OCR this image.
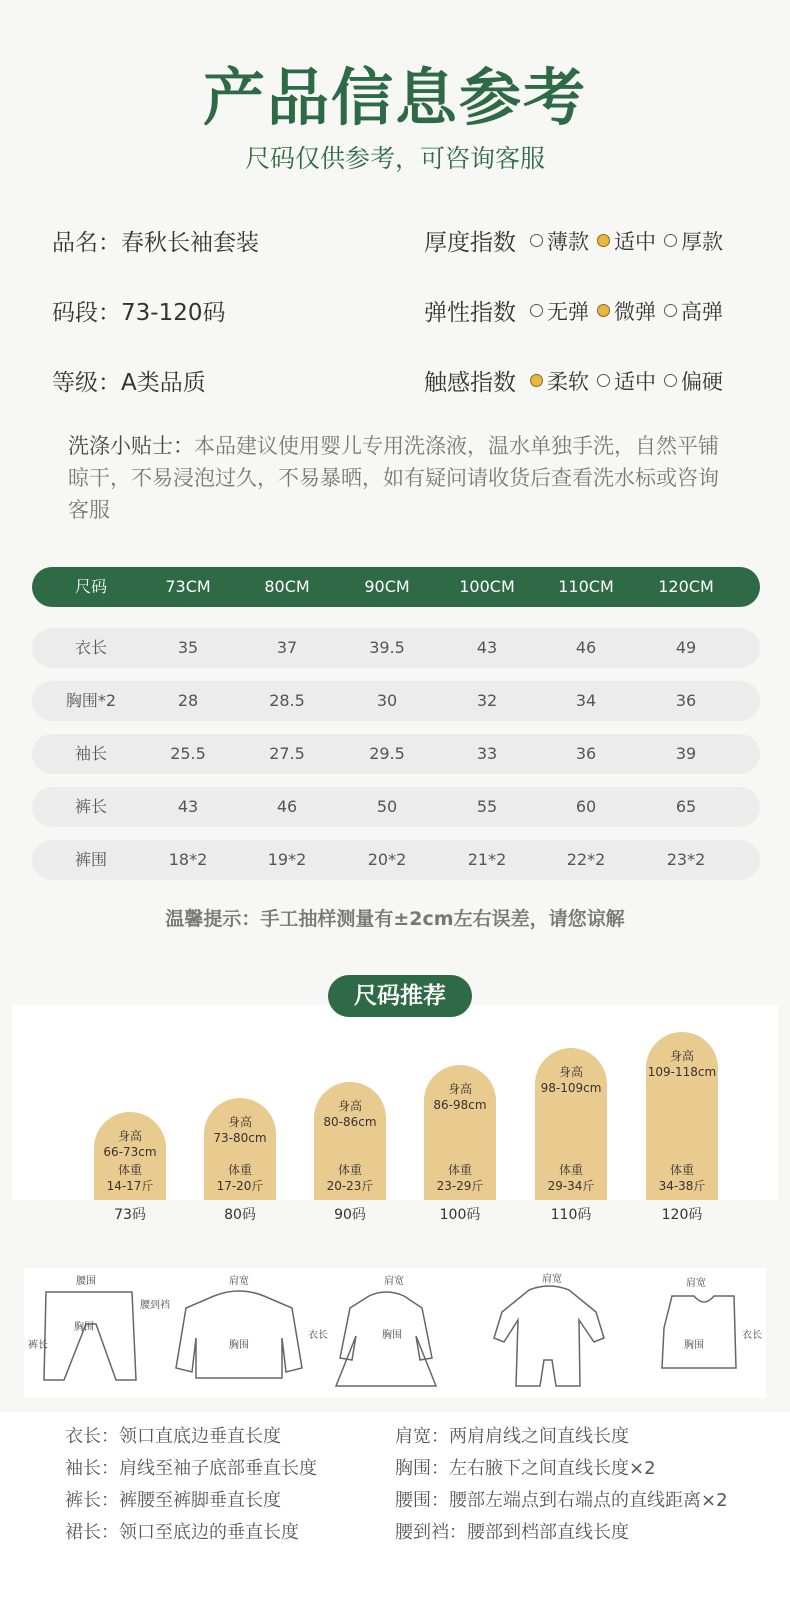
产品信息参考
尺码仅供参考，可咨询客服
品名：春秋长袖套装
码段：73-120码
等级：A类品质
厚度指数 薄款 适中 厚款
弹性指数 无弹 微弹 高弹
触感指数 柔软 适中 偏硬
洗涤小贴士：本品建议使用婴儿专用洗涤液，温水单独手洗，自然平铺晾干，不易浸泡过久，不易暴晒，如有疑问请收货后查看洗水标或咨询客服
尺码	73CM	80CM	90CM	100CM	110CM	120CM
衣长	35	37	39.5	43	46	49
胸围*2	28	28.5	30	32	34	36
袖长	25.5	27.5	29.5	33	36	39
裤长	43	46	50	55	60	65
裤围	18*2	19*2	20*2	21*2	22*2	23*2
温馨提示：手工抽样测量有±2cm左右误差，请您谅解
身高
66-73cm
体重
14-17斤
身高
73-80cm
体重
17-20斤
身高
80-86cm
体重
20-23斤
身高
86-98cm
体重
23-29斤
身高
98-109cm
体重
29-34斤
身高
109-118cm
体重
34-38斤
尺码推荐
73码	80码	90码	100码	110码	120码
腰围
胸围
腰到裆
裤长
肩宽
胸围
衣长
肩宽
胸围
肩宽	肩宽
胸围
衣长
衣长：领口直底边垂直长度	肩宽：两肩肩线之间直线长度
袖长：肩线至袖子底部垂直长度	胸围：左右腋下之间直线长度×2
裤长：裤腰至裤脚垂直长度	腰围：腰部左端点到右端点的直线距离×2
裙长：领口至底边的垂直长度	腰到裆：腰部到档部直线长度
